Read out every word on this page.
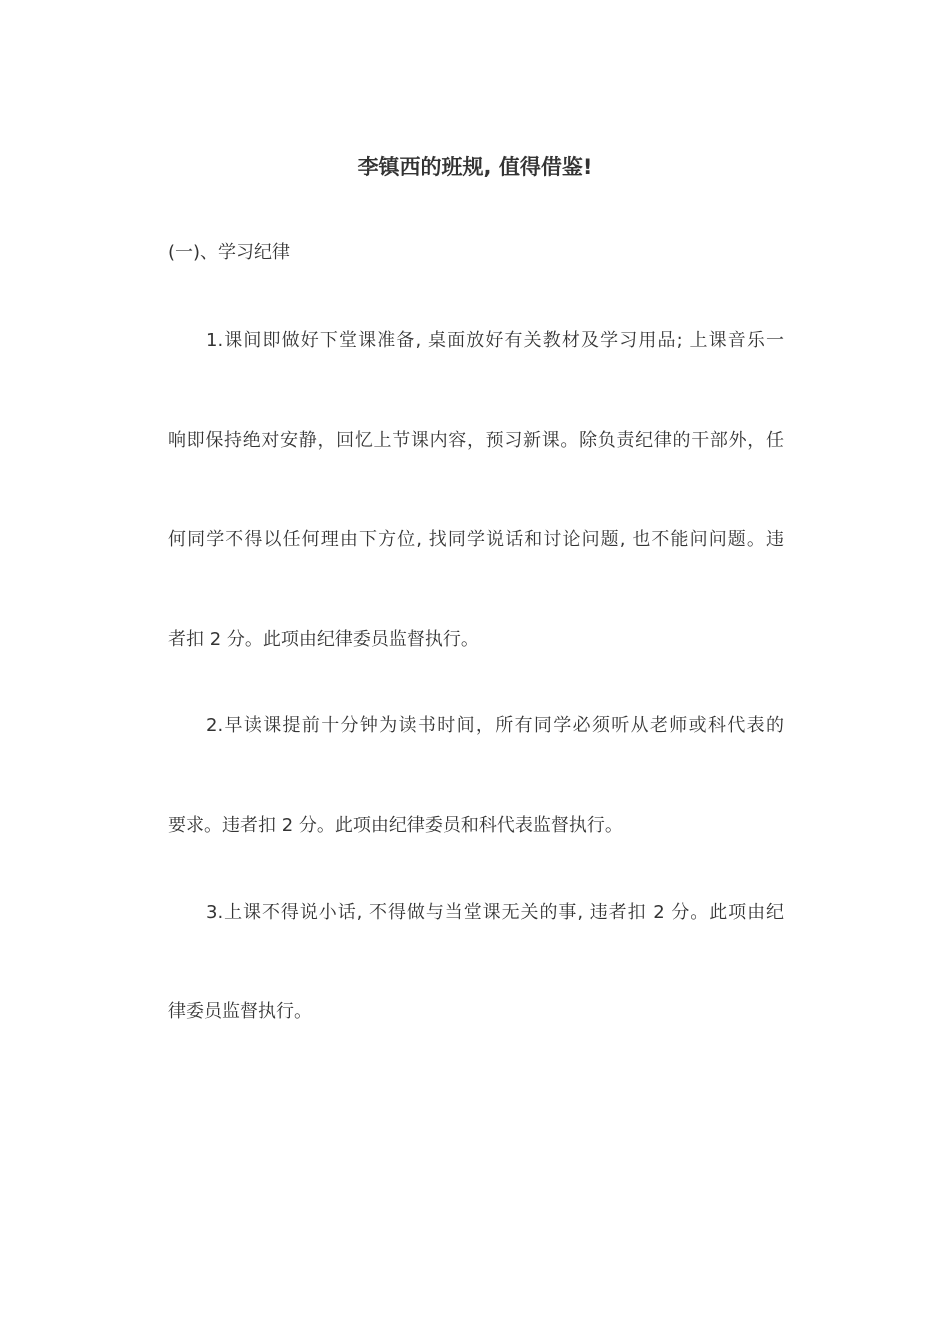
李镇西的班规, 值得借鉴!
(一)、学习纪律
1.课间即做好下堂课准备, 桌面放好有关教材及学习用品; 上课音乐一
响即保持绝对安静，回忆上节课内容，预习新课。除负责纪律的干部外，任
何同学不得以任何理由下方位, 找同学说话和讨论问题, 也不能问问题。违
者扣 2 分。此项由纪律委员监督执行。
2.早读课提前十分钟为读书时间，所有同学必须听从老师或科代表的
要求。违者扣 2 分。此项由纪律委员和科代表监督执行。
3.上课不得说小话, 不得做与当堂课无关的事, 违者扣 2 分。此项由纪
律委员监督执行。
